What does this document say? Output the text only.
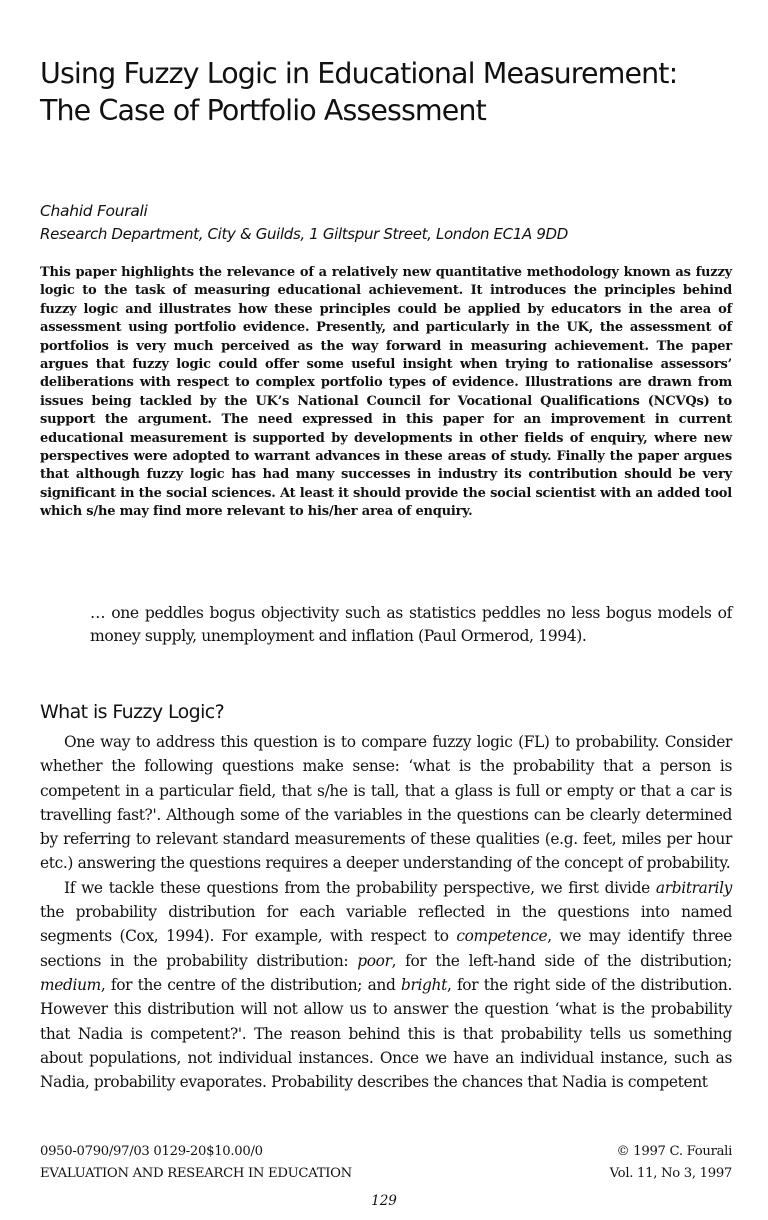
Using Fuzzy Logic in Educational Measurement: The Case of Portfolio Assessment
Chahid Fourali
Research Department, City & Guilds, 1 Giltspur Street, London EC1A 9DD

This paper highlights the relevance of a relatively new quantitative methodology known as fuzzy logic to the task of measuring educational achievement. It introduces the principles behind fuzzy logic and illustrates how these principles could be applied by educators in the area of assessment using portfolio evidence. Presently, and particularly in the UK, the assessment of portfolios is very much perceived as the way forward in measuring achievement. The paper argues that fuzzy logic could offer some useful insight when trying to rationalise assessors’ deliberations with respect to complex portfolio types of evidence. Illustrations are drawn from issues being tackled by the UK’s National Council for Vocational Qualifications (NCVQs) to support the argument. The need expressed in this paper for an improvement in current educational measurement is supported by developments in other fields of enquiry, where new perspectives were adopted to warrant advances in these areas of study. Finally the paper argues that although fuzzy logic has had many successes in industry its contribution should be very significant in the social sciences. At least it should provide the social scientist with an added tool which s/he may find more relevant to his/her area of enquiry.

… one peddles bogus objectivity such as statistics peddles no less bogus models of money supply, unemployment and inflation (Paul Ormerod, 1994).

What is Fuzzy Logic?

One way to address this question is to compare fuzzy logic (FL) to probability. Consider whether the following questions make sense: ‘what is the probability that a person is competent in a particular field, that s/he is tall, that a glass is full or empty or that a car is travelling fast?'. Although some of the variables in the questions can be clearly determined by referring to relevant standard measurements of these qualities (e.g. feet, miles per hour etc.) answering the questions requires a deeper understanding of the concept of probability.

If we tackle these questions from the probability perspective, we first divide arbitrarily the probability distribution for each variable reflected in the questions into named segments (Cox, 1994). For example, with respect to competence, we may identify three sections in the probability distribution: poor, for the left-hand side of the distribution; medium, for the centre of the distribution; and bright, for the right side of the distribution. However this distribution will not allow us to answer the question ‘what is the probability that Nadia is competent?'. The reason behind this is that probability tells us something about populations, not individual instances. Once we have an individual instance, such as Nadia, probability evaporates. Probability describes the chances that Nadia is competent

0950-0790/97/03 0129-20$10.00/0	© 1997 C. Fourali
EVALUATION AND RESEARCH IN EDUCATION	Vol. 11, No 3, 1997
129
